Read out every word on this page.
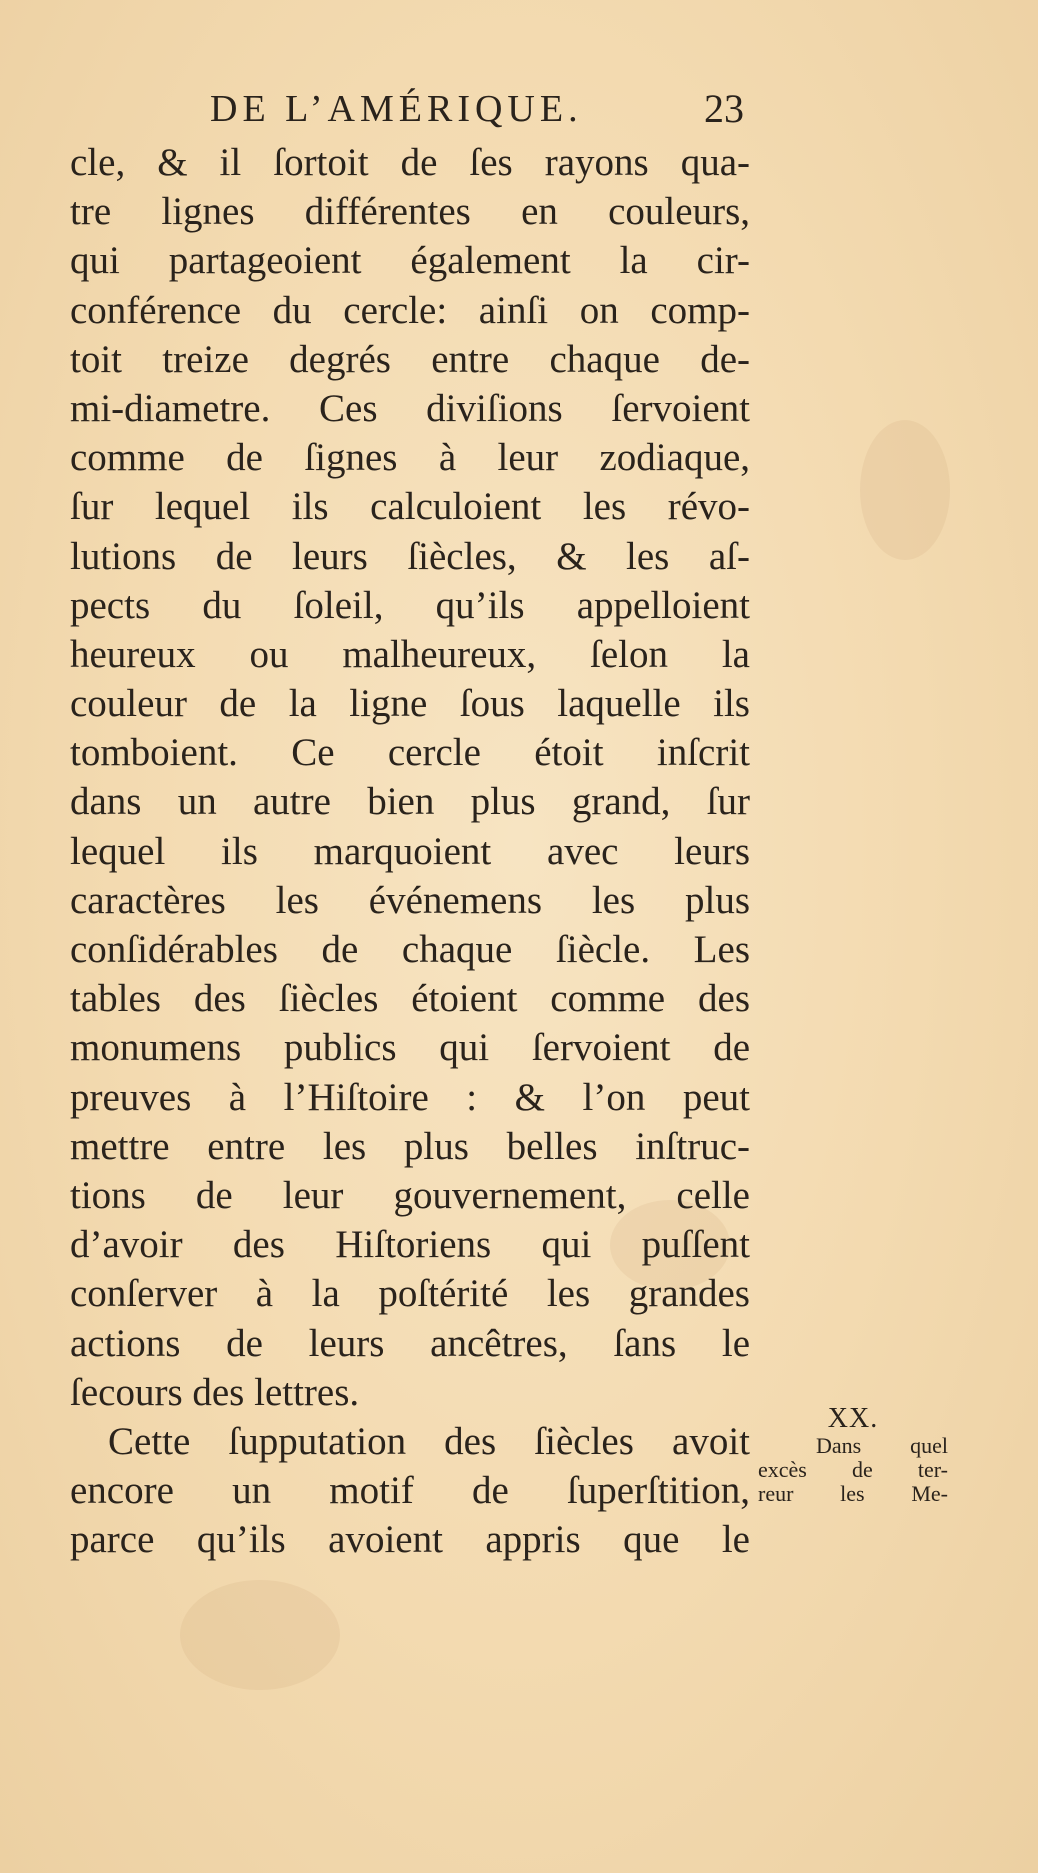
DE L’AMÉRIQUE.	23
cle, & il ſortoit de ſes rayons qua-
tre lignes différentes en couleurs,
qui partageoient également la cir-
conférence du cercle: ainſi on comp-
toit treize degrés entre chaque de-
mi-diametre. Ces diviſions ſervoient
comme de ſignes à leur zodiaque,
ſur lequel ils calculoient les révo-
lutions de leurs ſiècles, & les aſ-
pects du ſoleil, qu’ils appelloient
heureux ou malheureux, ſelon la
couleur de la ligne ſous laquelle ils
tomboient. Ce cercle étoit inſcrit
dans un autre bien plus grand, ſur
lequel ils marquoient avec leurs
caractères les événemens les plus
conſidérables de chaque ſiècle. Les
tables des ſiècles étoient comme des
monumens publics qui ſervoient de
preuves à l’Hiſtoire : & l’on peut
mettre entre les plus belles inſtruc-
tions de leur gouvernement, celle
d’avoir des Hiſtoriens qui puſſent
conſerver à la poſtérité les grandes
actions de leurs ancêtres, ſans le
ſecours des lettres.
Cette ſupputation des ſiècles avoit
encore un motif de ſuperſtition,
parce qu’ils avoient appris que le
XX.
Dans quel
excès de ter-
reur les Me-
